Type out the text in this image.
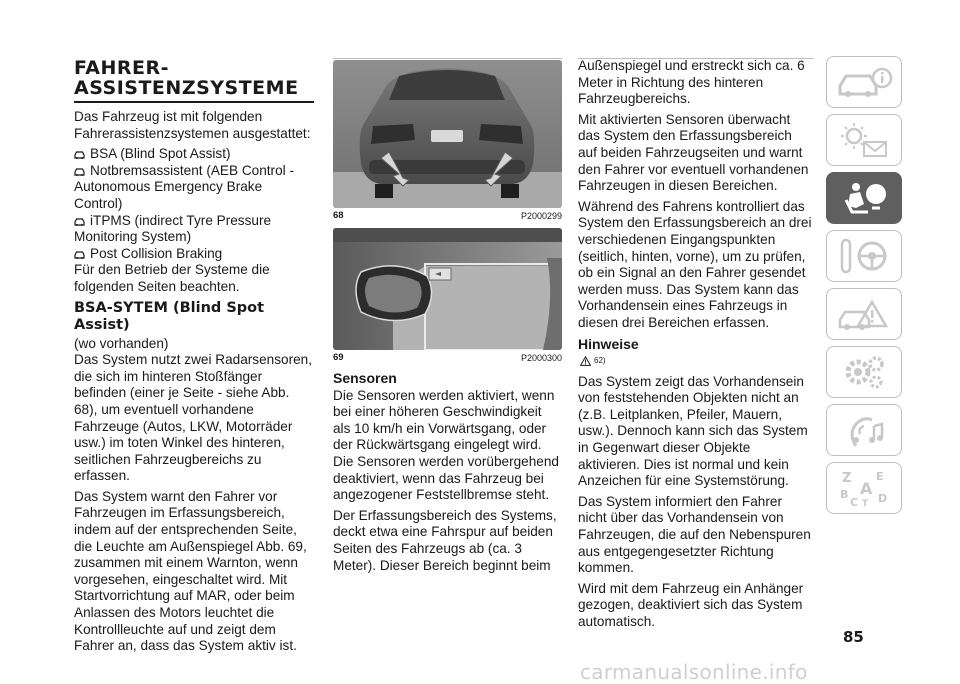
FAHRER-
ASSISTENZSYSTEME

Das Fahrzeug ist mit folgenden Fahrerassistenzsystemen ausgestattet:

BSA (Blind Spot Assist)
Notbremsassistent (AEB Control - Autonomous Emergency Brake Control)
iTPMS (indirect Tyre Pressure Monitoring System)
Post Collision Braking

Für den Betrieb der Systeme die folgenden Seiten beachten.

BSA-SYTEM (Blind Spot Assist)

(wo vorhanden)

Das System nutzt zwei Radarsensoren, die sich im hinteren Stoßfänger befinden (einer je Seite - siehe Abb. 68), um eventuell vorhandene Fahrzeuge (Autos, LKW, Motorräder usw.) im toten Winkel des hinteren, seitlichen Fahrzeugbereichs zu erfassen.

Das System warnt den Fahrer vor Fahrzeugen im Erfassungsbereich, indem auf der entsprechenden Seite, die Leuchte am Außenspiegel Abb. 69, zusammen mit einem Warnton, wenn vorgesehen, eingeschaltet wird. Mit Startvorrichtung auf MAR, oder beim Anlassen des Motors leuchtet die Kontrollleuchte auf und zeigt dem Fahrer an, dass das System aktiv ist.

68	P2000299
69	P2000300
Sensoren

Die Sensoren werden aktiviert, wenn bei einer höheren Geschwindigkeit als 10 km/h ein Vorwärtsgang, oder der Rückwärtsgang eingelegt wird. Die Sensoren werden vorübergehend deaktiviert, wenn das Fahrzeug bei angezogener Feststellbremse steht.

Der Erfassungsbereich des Systems, deckt etwa eine Fahrspur auf beiden Seiten des Fahrzeugs ab (ca. 3 Meter). Dieser Bereich beginnt beim

Außenspiegel und erstreckt sich ca. 6 Meter in Richtung des hinteren Fahrzeugbereichs.

Mit aktivierten Sensoren überwacht das System den Erfassungsbereich auf beiden Fahrzeugseiten und warnt den Fahrer vor eventuell vorhandenen Fahrzeugen in diesen Bereichen.

Während des Fahrens kontrolliert das System den Erfassungsbereich an drei verschiedenen Eingangspunkten (seitlich, hinten, vorne), um zu prüfen, ob ein Signal an den Fahrer gesendet werden muss. Das System kann das Vorhandensein eines Fahrzeugs in diesen drei Bereichen erfassen.

Hinweise
62)

Das System zeigt das Vorhandensein von feststehenden Objekten nicht an (z.B. Leitplanken, Pfeiler, Mauern, usw.). Dennoch kann sich das System in Gegenwart dieser Objekte aktivieren. Dies ist normal und kein Anzeichen für eine Systemstörung.

Das System informiert den Fahrer nicht über das Vorhandensein von Fahrzeugen, die auf den Nebenspuren aus entgegengesetzter Richtung kommen.

Wird mit dem Fahrzeug ein Anhänger gezogen, deaktiviert sich das System automatisch.

Z E
A
B
C D
T
85
carmanualsonline.info
